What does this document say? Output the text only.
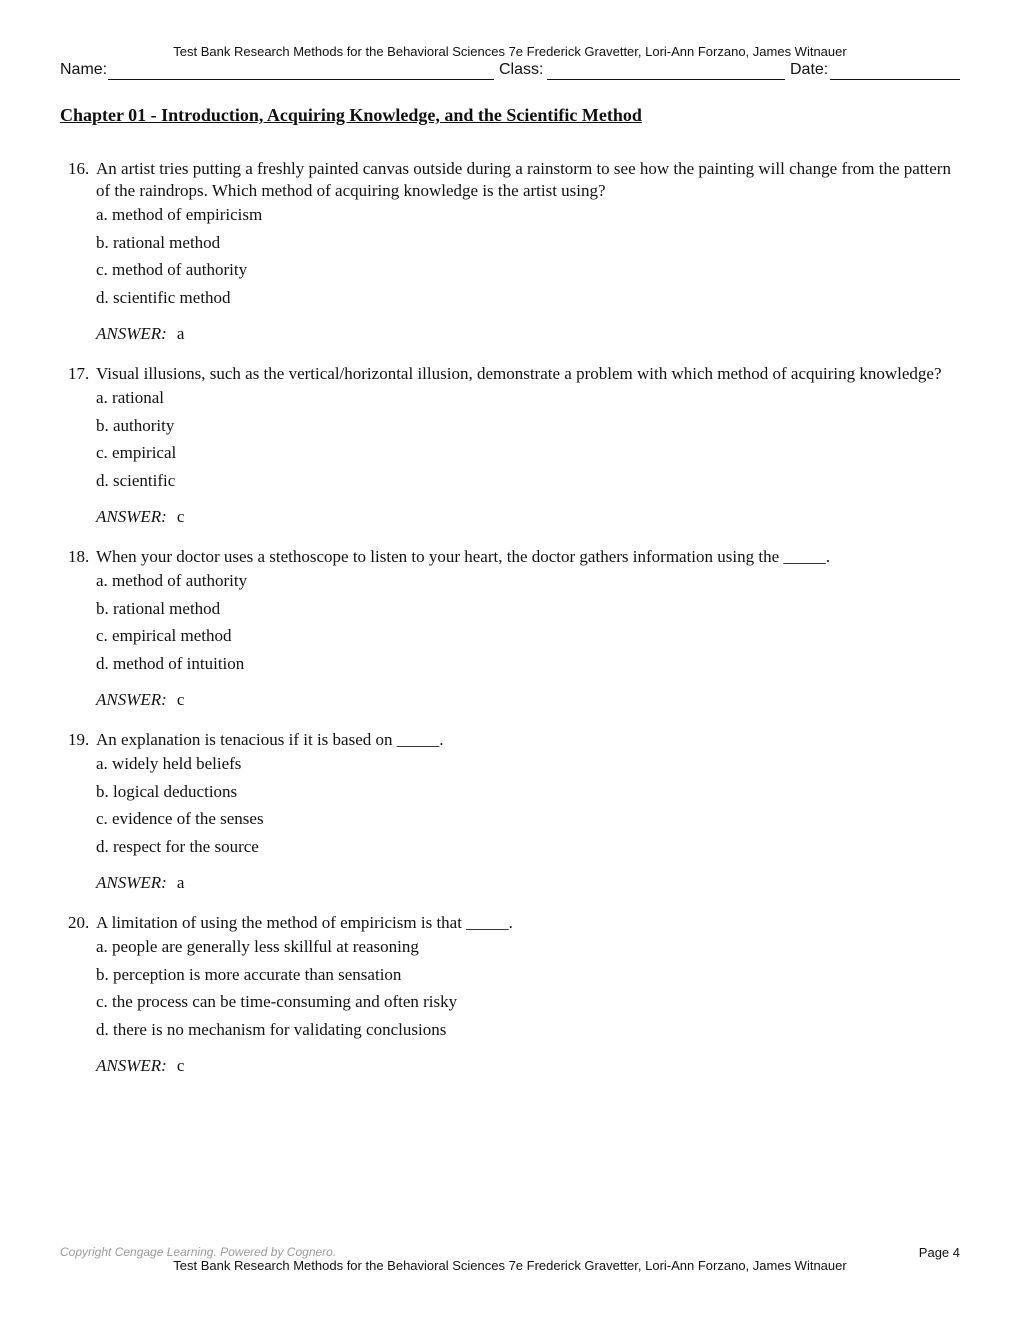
Test Bank Research Methods for the Behavioral Sciences 7e Frederick Gravetter, Lori-Ann Forzano, James Witnauer
Name:	Class:	Date:
Chapter 01 - Introduction, Acquiring Knowledge, and the Scientific Method
16. An artist tries putting a freshly painted canvas outside during a rainstorm to see how the painting will change from the pattern of the raindrops. Which method of acquiring knowledge is the artist using?
a. method of empiricism
b. rational method
c. method of authority
d. scientific method
ANSWER: a
17. Visual illusions, such as the vertical/horizontal illusion, demonstrate a problem with which method of acquiring knowledge?
a. rational
b. authority
c. empirical
d. scientific
ANSWER: c
18. When your doctor uses a stethoscope to listen to your heart, the doctor gathers information using the _____.
a. method of authority
b. rational method
c. empirical method
d. method of intuition
ANSWER: c
19. An explanation is tenacious if it is based on _____.
a. widely held beliefs
b. logical deductions
c. evidence of the senses
d. respect for the source
ANSWER: a
20. A limitation of using the method of empiricism is that _____.
a. people are generally less skillful at reasoning
b. perception is more accurate than sensation
c. the process can be time-consuming and often risky
d. there is no mechanism for validating conclusions
ANSWER: c
Copyright Cengage Learning. Powered by Cognero.	Page 4
Test Bank Research Methods for the Behavioral Sciences 7e Frederick Gravetter, Lori-Ann Forzano, James Witnauer
